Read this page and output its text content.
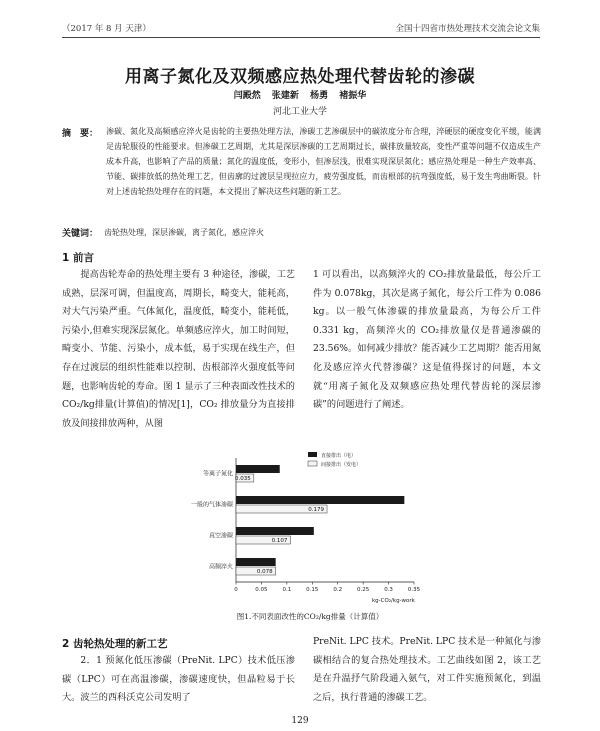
（2017 年 8 月 天津）	全国十四省市热处理技术交流会论文集
用离子氮化及双频感应热处理代替齿轮的渗碳
闫殿然 张建新 杨勇 褚振华
河北工业大学
摘　要： 渗碳、氮化及高频感应淬火是齿轮的主要热处理方法，渗碳工艺渗碳层中的碳浓度分布合理，淬硬层的硬度变化平缓，能满足齿轮服役的性能要求。但渗碳工艺周期，尤其是深层渗碳的工艺周期过长，碳排放量较高，变性严重等问题不仅造成生产成本升高，也影响了产品的质量；氮化的温度低，变形小，但渗层浅，很难实现深层氮化；感应热处理是一种生产效率高、节能、碳排放低的热处理工艺，但齿廓的过渡层呈现拉应力，疲劳强度低，而齿根部的抗弯强度低，易于发生弯曲断裂。针对上述齿轮热处理存在的问题，本文提出了解决这些问题的新工艺。
关键词： 齿轮热处理，深层渗碳，离子氮化，感应淬火
1 前言

提高齿轮寿命的热处理主要有 3 种途径，渗碳，工艺成熟，层深可调，但温度高，周期长，畸变大，能耗高，对大气污染严重。气体氮化，温度低，畸变小，能耗低，污染小,但难实现深层氮化。单频感应淬火，加工时间短，畸变小、节能、污染小，成本低，易于实现在线生产，但存在过渡层的组织性能难以控制、齿根部淬火强度低等问题，也影响齿轮的寿命。图 1 显示了三种表面改性技术的CO₂/kg排量(计算值)的情况[1]，CO₂ 排放量分为直接排放及间接排放两种，从图

1 可以看出，以高频淬火的 CO₂排放量最低，每公斤工件为 0.078kg，其次是离子氮化，每公斤工件为 0.086 kg。以一般气体渗碳的排放量最高，为每公斤工件 0.331 kg，高频淬火的 CO₂排放量仅是普通渗碳的 23.56%。如何减少排放？能否减少工艺周期？能否用氮化及感应淬火代替渗碳？这是值得探讨的问题，本文就“用离子氮化及双频感应热处理代替齿轮的深层渗碳”的问题进行了阐述。

0	0.05	0.1	0.15	0.2	0.25	0.3	0.35
0.035
等离子氮化
0.179
一般的气体渗碳
0.107
真空渗碳
0.078
高频淬火
直接排出（电）
间接排出（发电）
kg-CO₂/kg-work
图1.不同表面改性的CO₂/kg排量（计算值）
2 齿轮热处理的新工艺

2．1 预氮化低压渗碳（PreNit. LPC）技术低压渗碳（LPC）可在高温渗碳，渗碳速度快，但晶粒易于长大。波兰的西科沃克公司发明了

PreNit. LPC 技术。PreNit. LPC 技术是一种氮化与渗碳相结合的复合热处理技术。工艺曲线如图 2，该工艺是在升温抒气阶段通入氨气，对工件实施预氮化，到温之后，执行普通的渗碳工艺。

129
